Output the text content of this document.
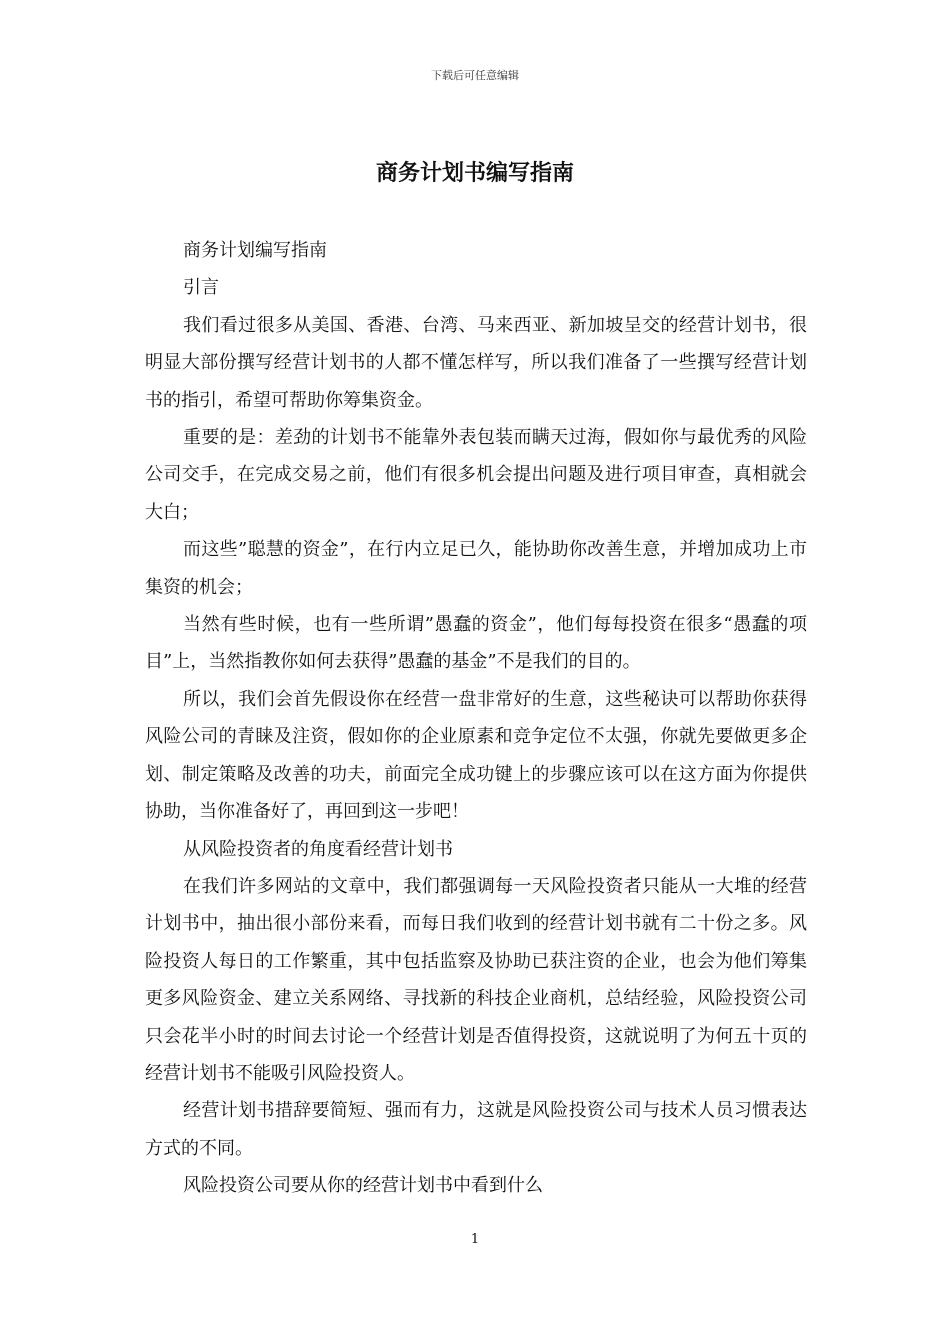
下载后可任意编辑
商务计划书编写指南

商务计划编写指南

引言

我们看过很多从美国、香港、台湾、马来西亚、新加坡呈交的经营计划书，很明显大部份撰写经营计划书的人都不懂怎样写，所以我们准备了一些撰写经营计划书的指引，希望可帮助你筹集资金。

重要的是：差劲的计划书不能靠外表包装而瞒天过海，假如你与最优秀的风险公司交手，在完成交易之前，他们有很多机会提出问题及进行项目审查，真相就会大白；

而这些”聪慧的资金”，在行内立足已久，能协助你改善生意，并增加成功上市集资的机会；

当然有些时候，也有一些所谓”愚蠢的资金”，他们每每投资在很多“愚蠢的项目”上，当然指教你如何去获得”愚蠢的基金”不是我们的目的。

所以，我们会首先假设你在经营一盘非常好的生意，这些秘诀可以帮助你获得风险公司的青睐及注资，假如你的企业原素和竞争定位不太强，你就先要做更多企划、制定策略及改善的功夫，前面完全成功键上的步骤应该可以在这方面为你提供协助，当你准备好了，再回到这一步吧！

从风险投资者的角度看经营计划书

在我们许多网站的文章中，我们都强调每一天风险投资者只能从一大堆的经营计划书中，抽出很小部份来看，而每日我们收到的经营计划书就有二十份之多。风险投资人每日的工作繁重，其中包括监察及协助已获注资的企业，也会为他们筹集更多风险资金、建立关系网络、寻找新的科技企业商机，总结经验，风险投资公司只会花半小时的时间去讨论一个经营计划是否值得投资，这就说明了为何五十页的经营计划书不能吸引风险投资人。

经营计划书措辞要简短、强而有力，这就是风险投资公司与技术人员习惯表达方式的不同。

风险投资公司要从你的经营计划书中看到什么

1
